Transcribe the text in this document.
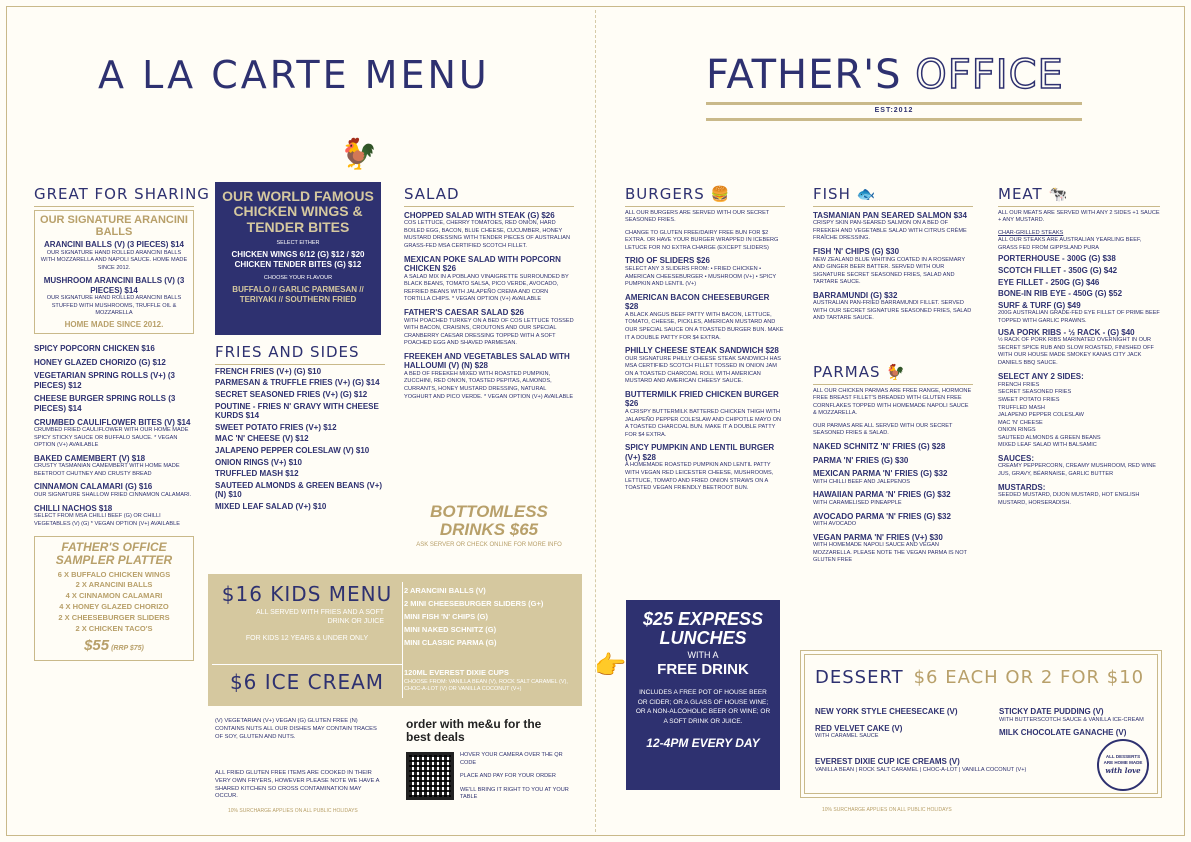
A LA CARTE MENU	FATHER'S OFFICE
EST:2012
GREAT FOR SHARING
OUR SIGNATURE ARANCINI BALLS
ARANCINI BALLS (V) (3 PIECES) $14
OUR SIGNATURE HAND ROLLED ARANCINI BALLS WITH MOZZARELLA AND NAPOLI SAUCE. HOME MADE SINCE 2012.
MUSHROOM ARANCINI BALLS (V) (3 PIECES) $14
OUR SIGNATURE HAND ROLLED ARANCINI BALLS STUFFED WITH MUSHROOMS, TRUFFLE OIL & MOZZARELLA
HOME MADE SINCE 2012.
SPICY POPCORN CHICKEN $16
HONEY GLAZED CHORIZO (G) $12
VEGETARIAN SPRING ROLLS (V+) (3 PIECES) $12
CHEESE BURGER SPRING ROLLS (3 PIECES) $14
CRUMBED CAULIFLOWER BITES (V) $14
CRUMBED FRIED CAULIFLOWER WITH OUR HOME MADE SPICY STICKY SAUCE OR BUFFALO SAUCE. * VEGAN OPTION (V+) AVAILABLE
BAKED CAMEMBERT (V) $18
CRUSTY TASMANIAN CAMEMBERT WITH HOME MADE BEETROOT CHUTNEY AND CRUSTY BREAD
CINNAMON CALAMARI (G) $16
OUR SIGNATURE SHALLOW FRIED CINNAMON CALAMARI.
CHILLI NACHOS $18
SELECT FROM MSA CHILLI BEEF (G) OR CHILLI VEGETABLES (V) (G) * VEGAN OPTION (V+) AVAILABLE
FATHER'S OFFICE SAMPLER PLATTER
6 X BUFFALO CHICKEN WINGS
2 X ARANCINI BALLS
4 X CINNAMON CALAMARI
4 X HONEY GLAZED CHORIZO
2 X CHEESEBURGER SLIDERS
2 X CHICKEN TACO'S
$55 (RRP $75)
🐓
OUR WORLD FAMOUS CHICKEN WINGS & TENDER BITES
SELECT EITHER
CHICKEN WINGS 6/12 (G) $12 / $20
CHICKEN TENDER BITES (G) $12
CHOOSE YOUR FLAVOUR
BUFFALO // GARLIC PARMESAN // TERIYAKI // SOUTHERN FRIED
FRIES AND SIDES
FRENCH FRIES (V+) (G) $10
PARMESAN & TRUFFLE FRIES (V+) (G) $14
SECRET SEASONED FRIES (V+) (G) $12
POUTINE - FRIES N' GRAVY WITH CHEESE KURDS $14
SWEET POTATO FRIES (V+) $12
MAC 'N' CHEESE (V) $12
JALAPENO PEPPER COLESLAW (V) $10
ONION RINGS (V+) $10
TRUFFLED MASH $12
SAUTEED ALMONDS & GREEN BEANS (V+) (N) $10
MIXED LEAF SALAD (V+) $10
SALAD
CHOPPED SALAD WITH STEAK (G) $26
COS LETTUCE, CHERRY TOMATOES, RED ONION, HARD BOILED EGG, BACON, BLUE CHEESE, CUCUMBER, HONEY MUSTARD DRESSING WITH TENDER PIECES OF AUSTRALIAN GRASS-FED MSA CERTIFIED SCOTCH FILLET.
MEXICAN POKE SALAD WITH POPCORN CHICKEN $26
A SALAD MIX IN A POBLANO VINAIGRETTE SURROUNDED BY BLACK BEANS, TOMATO SALSA, PICO VERDE, AVOCADO, REFRIED BEANS WITH JALAPEÑO CREMA AND CORN TORTILLA CHIPS. * VEGAN OPTION (V+) AVAILABLE
FATHER'S CAESAR SALAD $26
WITH POACHED TURKEY ON A BED OF COS LETTUCE TOSSED WITH BACON, CRAISINS, CROUTONS AND OUR SPECIAL CRANBERRY CAESAR DRESSING TOPPED WITH A SOFT POACHED EGG AND SHAVED PARMESAN.
FREEKEH AND VEGETABLES SALAD WITH HALLOUMI (V) (N) $28
A BED OF FREEKEH MIXED WITH ROASTED PUMPKIN, ZUCCHINI, RED ONION, TOASTED PEPITAS, ALMONDS, CURRANTS, HONEY MUSTARD DRESSING, NATURAL YOGHURT AND PICO VERDE. * VEGAN OPTION (V+) AVAILABLE
BOTTOMLESS DRINKS $65
ASK SERVER OR CHECK ONLINE FOR MORE INFO
$16 KIDS MENU
ALL SERVED WITH FRIES AND A SOFT DRINK OR JUICE
FOR KIDS 12 YEARS & UNDER ONLY
$6 ICE CREAM
2 ARANCINI BALLS (V)
2 MINI CHEESEBURGER SLIDERS (G+)
MINI FISH 'N' CHIPS (G)
MINI NAKED SCHNITZ (G)
MINI CLASSIC PARMA (G)
120ML EVEREST DIXIE CUPS
CHOOSE FROM: VANILLA BEAN (V), ROCK SALT CARAMEL (V), CHOC-A-LOT (V) OR VANILLA COCONUT (V+)
(V) VEGETARIAN (V+) VEGAN (G) GLUTEN FREE (N) CONTAINS NUTS ALL OUR DISHES MAY CONTAIN TRACES OF SOY, GLUTEN AND NUTS.
ALL FRIED GLUTEN FREE ITEMS ARE COOKED IN THEIR VERY OWN FRYERS, HOWEVER PLEASE NOTE WE HAVE A SHARED KITCHEN SO CROSS CONTAMINATION MAY OCCUR.
10% SURCHARGE APPLIES ON ALL PUBLIC HOLIDAYS
order with me&u for the best deals
HOVER YOUR CAMERA OVER THE QR CODE
PLACE AND PAY FOR YOUR ORDER
WE'LL BRING IT RIGHT TO YOU AT YOUR TABLE
BURGERS 🍔
ALL OUR BURGERS ARE SERVED WITH OUR SECRET SEASONED FRIES.
CHANGE TO GLUTEN FREE/DAIRY FREE BUN FOR $2 EXTRA. OR HAVE YOUR BURGER WRAPPED IN ICEBERG LETUCE FOR NO EXTRA CHARGE (EXCEPT SLIDERS)
TRIO OF SLIDERS $26
SELECT ANY 3 SLIDERS FROM: • FRIED CHICKEN • AMERICAN CHEESEBURGER • MUSHROOM (V+) • SPICY PUMPKIN AND LENTIL (V+)
AMERICAN BACON CHEESEBURGER $28
A BLACK ANGUS BEEF PATTY WITH BACON, LETTUCE, TOMATO, CHEESE, PICKLES, AMERICAN MUSTARD AND OUR SPECIAL SAUCE ON A TOASTED BURGER BUN. MAKE IT A DOUBLE PATTY FOR $4 EXTRA.
PHILLY CHEESE STEAK SANDWICH $28
OUR SIGNATURE PHILLY CHEESE STEAK SANDWICH HAS MSA CERTIFIED SCOTCH FILLET TOSSED IN ONION JAM ON A TOASTED CHARCOAL ROLL WITH AMERICAN MUSTARD AND AMERICAN CHEESY SAUCE.
BUTTERMILK FRIED CHICKEN BURGER $26
A CRISPY BUTTERMILK BATTERED CHICKEN THIGH WITH JALAPEÑO PEPPER COLESLAW AND CHIPOTLE MAYO ON A TOASTED CHARCOAL BUN. MAKE IT A DOUBLE PATTY FOR $4 EXTRA.
SPICY PUMPKIN AND LENTIL BURGER (V+) $28
A HOMEMADE ROASTED PUMPKIN AND LENTIL PATTY WITH VEGAN RED LEICESTER CHEESE, MUSHROOMS, LETTUCE, TOMATO AND FRIED ONION STRAWS ON A TOASTED VEGAN FRIENDLY BEETROOT BUN.
👉
$25 EXPRESS LUNCHES
WITH A
FREE DRINK
INCLUDES A FREE POT OF HOUSE BEER OR CIDER; OR A GLASS OF HOUSE WINE; OR A NON-ALCOHOLIC BEER OR WINE; OR A SOFT DRINK OR JUICE.
12-4PM EVERY DAY
FISH 🐟
TASMANIAN PAN SEARED SALMON $34
CRISPY SKIN PAN-SEARED SALMON ON A BED OF FREEKEH AND VEGETABLE SALAD WITH CITRUS CRÈME FRAÎCHE DRESSING.
FISH 'N' CHIPS (G) $30
NEW ZEALAND BLUE WHITING COATED IN A ROSEMARY AND GINGER BEER BATTER. SERVED WITH OUR SIGNATURE SECRET SEASONED FRIES, SALAD AND TARTARE SAUCE.
BARRAMUNDI (G) $32
AUSTRALIAN PAN-FRIED BARRAMUNDI FILLET. SERVED WITH OUR SECRET SIGNATURE SEASONED FRIES, SALAD AND TARTARE SAUCE.
PARMAS 🐓
ALL OUR CHICKEN PARMAS ARE FREE RANGE, HORMONE FREE BREAST FILLET'S BREADED WITH GLUTEN FREE CORNFLAKES TOPPED WITH HOMEMADE NAPOLI SAUCE & MOZZARELLA.
OUR PARMAS ARE ALL SERVED WITH OUR SECRET SEASONED FRIES & SALAD.
NAKED SCHNITZ 'N' FRIES (G) $28
PARMA 'N' FRIES (G) $30
MEXICAN PARMA 'N' FRIES (G) $32
WITH CHILLI BEEF AND JALEPENOS
HAWAIIAN PARMA 'N' FRIES (G) $32
WITH CARAMELISED PINEAPPLE
AVOCADO PARMA 'N' FRIES (G) $32
WITH AVOCADO
VEGAN PARMA 'N' FRIES (V+) $30
WITH HOMEMADE NAPOLI SAUCE AND VEGAN MOZZARELLA. PLEASE NOTE THE VEGAN PARMA IS NOT GLUTEN FREE
MEAT 🐄
ALL OUR MEATS ARE SERVED WITH ANY 2 SIDES +1 SAUCE + ANY MUSTARD.
CHAR-GRILLED STEAKS
ALL OUR STEAKS ARE AUSTRALIAN YEARLING BEEF, GRASS FED FROM GIPPSLAND PURA
PORTERHOUSE - 300G (G) $38
SCOTCH FILLET - 350G (G) $42
EYE FILLET - 250G (G) $46
BONE-IN RIB EYE - 450G (G) $52
SURF & TURF (G) $49
200G AUSTRALIAN GRADE-FED EYE FILLET OF PRIME BEEF TOPPED WITH GARLIC PRAWNS.
USA PORK RIBS - ½ RACK - (G) $40
½ RACK OF PORK RIBS MARINATED OVERNIGHT IN OUR SECRET SPICE RUB AND SLOW ROASTED, FINISHED OFF WITH OUR HOUSE MADE SMOKEY KANAS CITY JACK DANIELS BBQ SAUCE.
SELECT ANY 2 SIDES:
FRENCH FRIES
SECRET SEASONED FRIES
SWEET POTATO FRIES
TRUFFLED MASH
JALAPENO PEPPER COLESLAW
MAC 'N' CHEESE
ONION RINGS
SAUTEED ALMONDS & GREEN BEANS
MIXED LEAF SALAD WITH BALSAMIC
SAUCES:
CREAMY PEPPERCORN, CREAMY MUSHROOM, RED WINE JUS, GRAVY, BÉARNAISE, GARLIC BUTTER
MUSTARDS:
SEEDED MUSTARD, DIJON MUSTARD, HOT ENGLISH MUSTARD, HORSERADISH.
DESSERT $6 EACH OR 2 FOR $10
NEW YORK STYLE CHEESECAKE (V)
RED VELVET CAKE (V)
WITH CARAMEL SAUCE
STICKY DATE PUDDING (V)
WITH BUTTERSCOTCH SAUCE & VANILLA ICE-CREAM
MILK CHOCOLATE GANACHE (V)
EVEREST DIXIE CUP ICE CREAMS (V)
VANILLA BEAN | ROCK SALT CARAMEL | CHOC-A-LOT | VANILLA COCONUT (V+)
ALL DESSERTS ARE HOME MADE
with love
10% SURCHARGE APPLIES ON ALL PUBLIC HOLIDAYS
